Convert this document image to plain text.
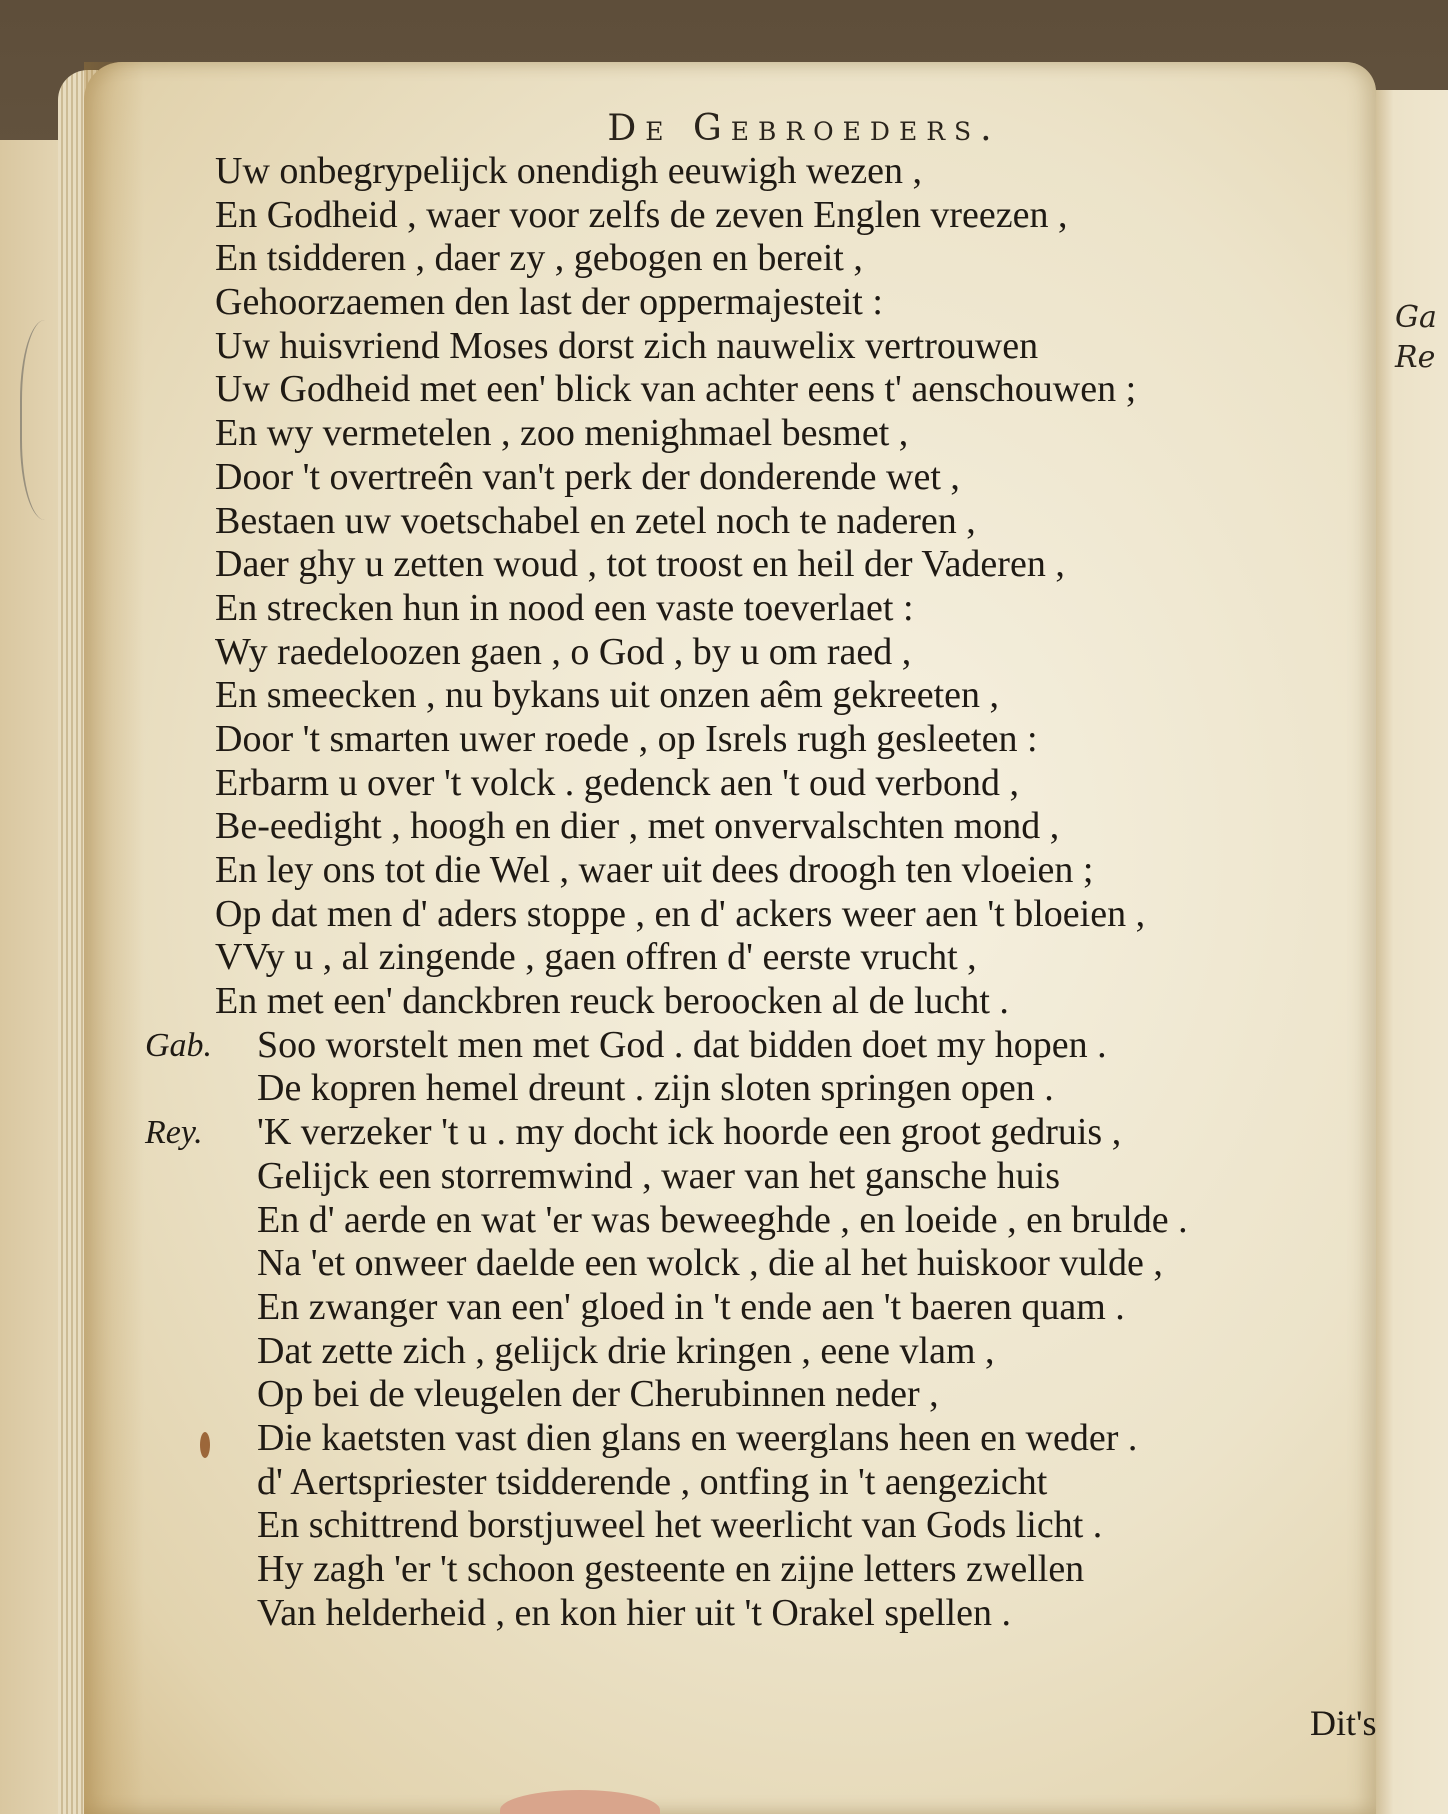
Ga
Re
De Gebroeders.
Uw onbegrypelijck onendigh eeuwigh wezen ,
En Godheid , waer voor zelfs de zeven Englen vreezen ,
En tsidderen , daer zy , gebogen en bereit ,
Gehoorzaemen den last der oppermajesteit :
Uw huisvriend Moses dorst zich nauwelix vertrouwen
Uw Godheid met een' blick van achter eens t' aenschouwen ;
En wy vermetelen , zoo menighmael besmet ,
Door 't overtreên van't perk der donderende wet ,
Bestaen uw voetschabel en zetel noch te naderen ,
Daer ghy u zetten woud , tot troost en heil der Vaderen ,
En strecken hun in nood een vaste toeverlaet :
Wy raedeloozen gaen , o God , by u om raed ,
En smeecken , nu bykans uit onzen aêm gekreeten ,
Door 't smarten uwer roede , op Isrels rugh gesleeten :
Erbarm u over 't volck . gedenck aen 't oud verbond ,
Be-eedight , hoogh en dier , met onvervalschten mond ,
En ley ons tot die Wel , waer uit dees droogh ten vloeien ;
Op dat men d' aders stoppe , en d' ackers weer aen 't bloeien ,
VVy u , al zingende , gaen offren d' eerste vrucht ,
En met een' danckbren reuck beroocken al de lucht .
Gab. Soo worstelt men met God . dat bidden doet my hopen .
De kopren hemel dreunt . zijn sloten springen open .
Rey. 'K verzeker 't u . my docht ick hoorde een groot gedruis ,
Gelijck een storremwind , waer van het gansche huis
En d' aerde en wat 'er was beweeghde , en loeide , en brulde .
Na 'et onweer daelde een wolck , die al het huiskoor vulde ,
En zwanger van een' gloed in 't ende aen 't baeren quam .
Dat zette zich , gelijck drie kringen , eene vlam ,
Op bei de vleugelen der Cherubinnen neder ,
Die kaetsten vast dien glans en weerglans heen en weder .
d' Aertspriester tsidderende , ontfing in 't aengezicht
En schittrend borstjuweel het weerlicht van Gods licht .
Hy zagh 'er 't schoon gesteente en zijne letters zwellen
Van helderheid , en kon hier uit 't Orakel spellen .
Dit's
